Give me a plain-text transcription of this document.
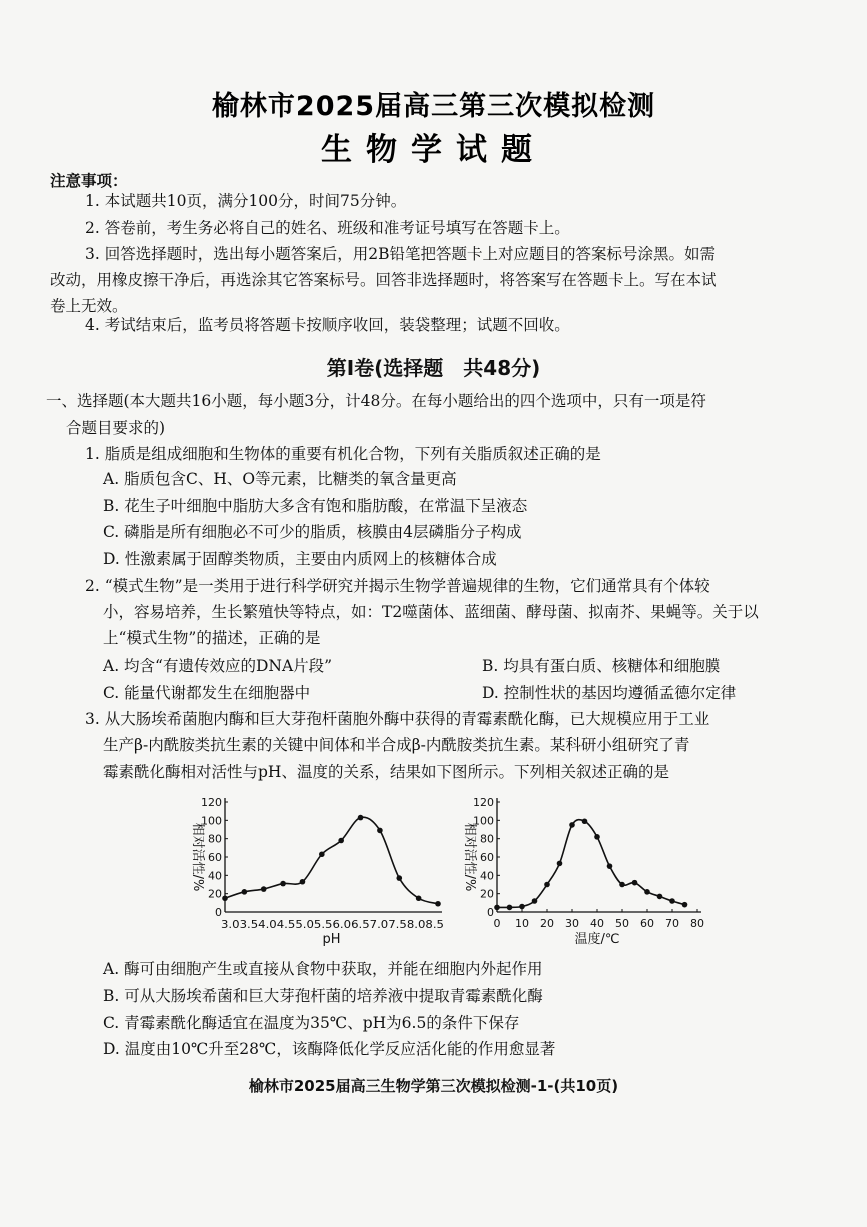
榆林市2025届高三第三次模拟检测
生物学试题
注意事项：
1. 本试题共10页，满分100分，时间75分钟。
2. 答卷前，考生务必将自己的姓名、班级和准考证号填写在答题卡上。
3. 回答选择题时，选出每小题答案后，用2B铅笔把答题卡上对应题目的答案标号涂黑。如需
改动，用橡皮擦干净后，再选涂其它答案标号。回答非选择题时，将答案写在答题卡上。写在本试
卷上无效。
4. 考试结束后，监考员将答题卡按顺序收回，装袋整理；试题不回收。
第Ⅰ卷(选择题　共48分)
一、选择题(本大题共16小题，每小题3分，计48分。在每小题给出的四个选项中，只有一项是符
合题目要求的)
1. 脂质是组成细胞和生物体的重要有机化合物，下列有关脂质叙述正确的是
A. 脂质包含C、H、O等元素，比糖类的氧含量更高
B. 花生子叶细胞中脂肪大多含有饱和脂肪酸，在常温下呈液态
C. 磷脂是所有细胞必不可少的脂质，核膜由4层磷脂分子构成
D. 性激素属于固醇类物质，主要由内质网上的核糖体合成
2. “模式生物”是一类用于进行科学研究并揭示生物学普遍规律的生物，它们通常具有个体较
小，容易培养，生长繁殖快等特点，如：T2噬菌体、蓝细菌、酵母菌、拟南芥、果蝇等。关于以
上“模式生物”的描述，正确的是
A. 均含“有遗传效应的DNA片段”	B. 均具有蛋白质、核糖体和细胞膜
C. 能量代谢都发生在细胞器中	D. 控制性状的基因均遵循孟德尔定律
3. 从大肠埃希菌胞内酶和巨大芽孢杆菌胞外酶中获得的青霉素酰化酶，已大规模应用于工业
生产β-内酰胺类抗生素的关键中间体和半合成β-内酰胺类抗生素。某科研小组研究了青
霉素酰化酶相对活性与pH、温度的关系，结果如下图所示。下列相关叙述正确的是
0
20
40
60
80
100
120
3.03.54.04.55.05.56.06.57.07.58.08.5
pH
相对活性/%
0
20
40
60
80
100
120
0 10 20 30 40 50 60 70 80
温度/℃
相对活性/%
A. 酶可由细胞产生或直接从食物中获取，并能在细胞内外起作用
B. 可从大肠埃希菌和巨大芽孢杆菌的培养液中提取青霉素酰化酶
C. 青霉素酰化酶适宜在温度为35℃、pH为6.5的条件下保存
D. 温度由10℃升至28℃，该酶降低化学反应活化能的作用愈显著
榆林市2025届高三生物学第三次模拟检测-1-(共10页)
